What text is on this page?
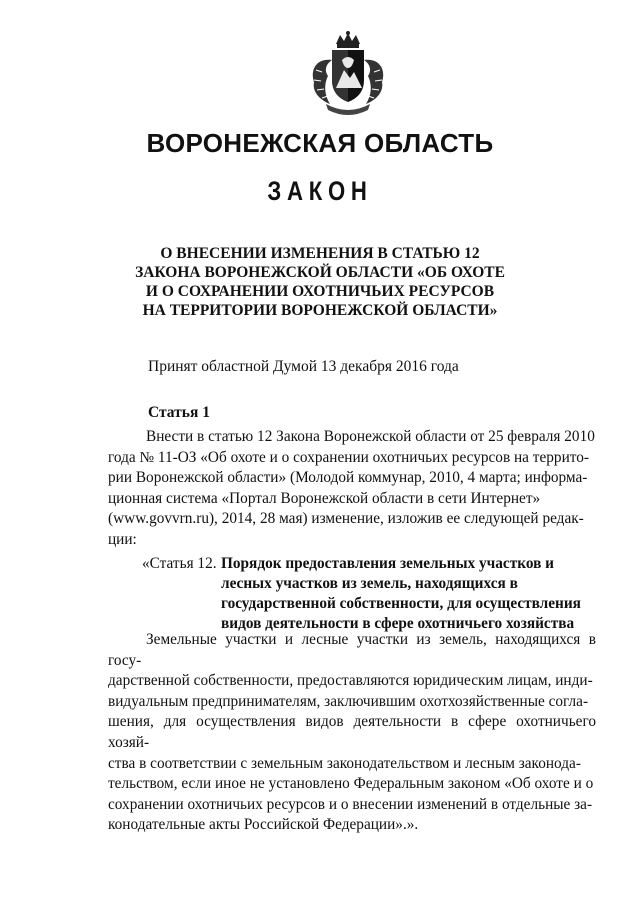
ВОРОНЕЖСКАЯ ОБЛАСТЬ
ЗАКОН
О ВНЕСЕНИИ ИЗМЕНЕНИЯ В СТАТЬЮ 12
ЗАКОНА ВОРОНЕЖСКОЙ ОБЛАСТИ «ОБ ОХОТЕ
И О СОХРАНЕНИИ ОХОТНИЧЬИХ РЕСУРСОВ
НА ТЕРРИТОРИИ ВОРОНЕЖСКОЙ ОБЛАСТИ»
Принят областной Думой 13 декабря 2016 года
Статья 1
Внести в статью 12 Закона Воронежской области от 25 февраля 2010
года № 11-ОЗ «Об охоте и о сохранении охотничьих ресурсов на террито-
рии Воронежской области» (Молодой коммунар, 2010, 4 марта; информа-
ционная система «Портал Воронежской области в сети Интернет»
(www.govvrn.ru), 2014, 28 мая) изменение, изложив ее следующей редак-
ции:
«Статья 12. Порядок предоставления земельных участков и
лесных участков из земель, находящихся в
государственной собственности, для осуществления
видов деятельности в сфере охотничьего хозяйства
Земельные участки и лесные участки из земель, находящихся в госу-
дарственной собственности, предоставляются юридическим лицам, инди-
видуальным предпринимателям, заключившим охотхозяйственные согла-
шения, для осуществления видов деятельности в сфере охотничьего хозяй-
ства в соответствии с земельным законодательством и лесным законода-
тельством, если иное не установлено Федеральным законом «Об охоте и о
сохранении охотничьих ресурсов и о внесении изменений в отдельные за-
конодательные акты Российской Федерации».».
